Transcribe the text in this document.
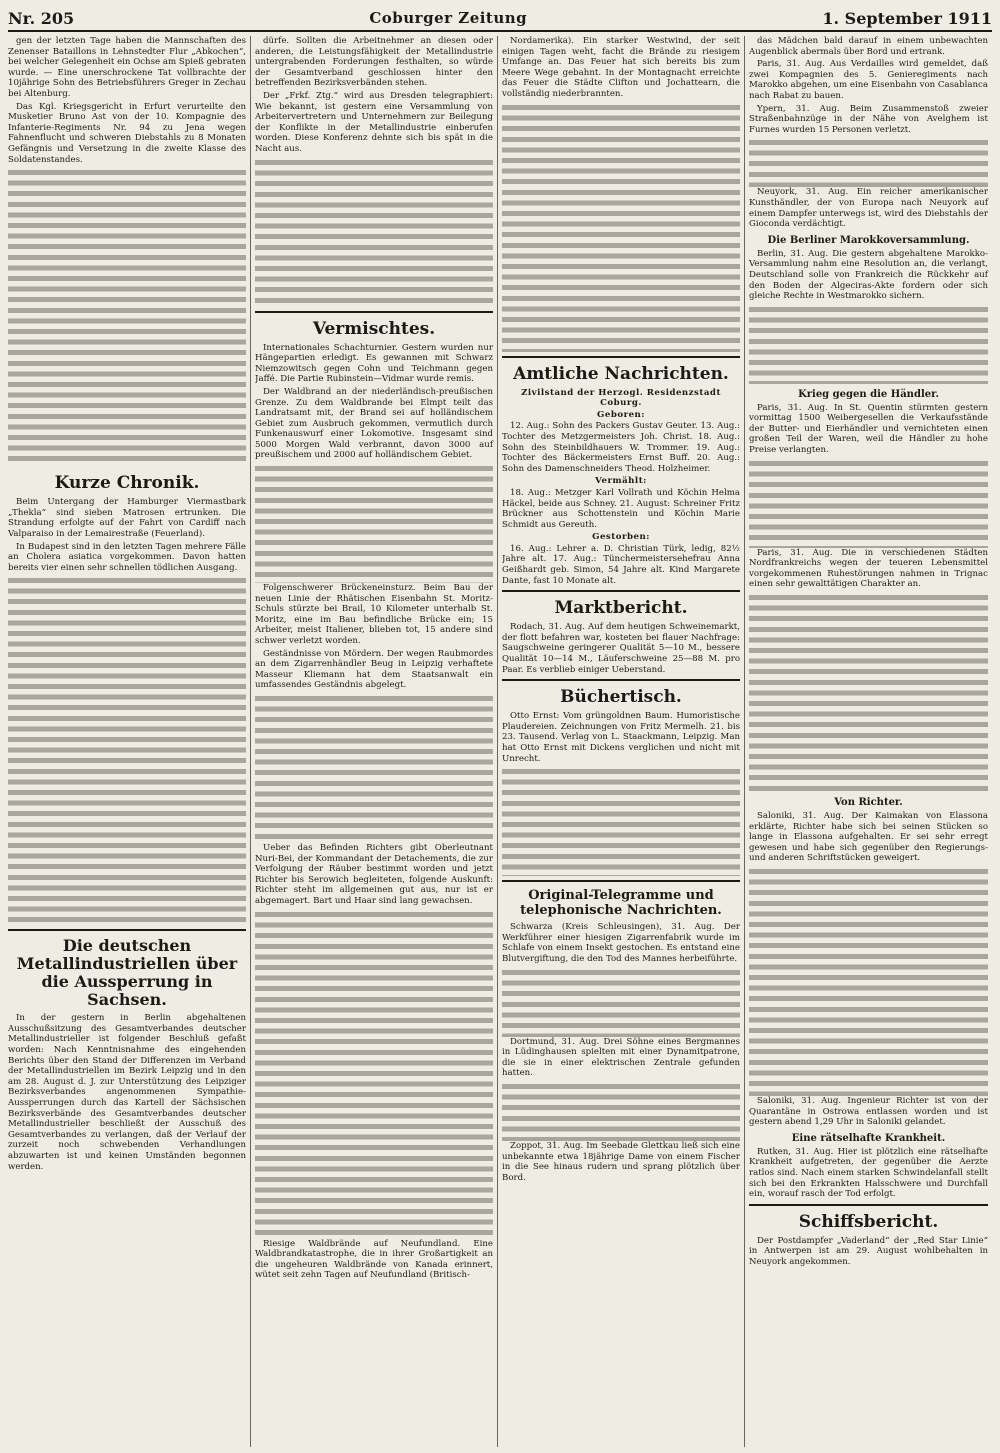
Nr. 205	Coburger Zeitung	1. September 1911

gen der letzten Tage haben die Mannschaften des Zenenser Bataillons in Lehnstedter Flur „Abkochen“, bei welcher Gelegenheit ein Ochse am Spieß gebraten wurde. — Eine unerschrockene Tat vollbrachte der 10jährige Sohn des Betriebsführers Greger in Zechau bei Altenburg.

Das Kgl. Kriegsgericht in Erfurt verurteilte den Musketier Bruno Ast von der 10. Kompagnie des Infanterie-Regiments Nr. 94 zu Jena wegen Fahnenflucht und schweren Diebstahls zu 8 Monaten Gefängnis und Versetzung in die zweite Klasse des Soldatenstandes.

Kurze Chronik.

Beim Untergang der Hamburger Viermastbark „Thekla“ sind sieben Matrosen ertrunken. Die Strandung erfolgte auf der Fahrt von Cardiff nach Valparaiso in der Lemairestraße (Feuerland).

In Budapest sind in den letzten Tagen mehrere Fälle an Cholera asiatica vorgekommen. Davon hatten bereits vier einen sehr schnellen tödlichen Ausgang.

Die deutschen Metallindustriellen über die Aussperrung in Sachsen.

In der gestern in Berlin abgehaltenen Ausschußsitzung des Gesamtverbandes deutscher Metallindustrieller ist folgender Beschluß gefaßt worden: Nach Kenntnisnahme des eingehenden Berichts über den Stand der Differenzen im Verband der Metallindustriellen im Bezirk Leipzig und in den am 28. August d. J. zur Unterstützung des Leipziger Bezirksverbandes angenommenen Sympathie-Aussperrungen durch das Kartell der Sächsischen Bezirksverbände des Gesamtverbandes deutscher Metallindustrieller beschließt der Ausschuß des Gesamtverbandes zu verlangen, daß der Verlauf der zurzeit noch schwebenden Verhandlungen abzuwarten ist und keinen Umständen begonnen werden.

dürfe. Sollten die Arbeitnehmer an diesen oder anderen, die Leistungsfähigkeit der Metallindustrie untergrabenden Forderungen festhalten, so würde der Gesamtverband geschlossen hinter den betreffenden Bezirksverbänden stehen.

Der „Frkf. Ztg.“ wird aus Dresden telegraphiert: Wie bekannt, ist gestern eine Versammlung von Arbeitervertretern und Unternehmern zur Beilegung der Konflikte in der Metallindustrie einberufen worden. Diese Konferenz dehnte sich bis spät in die Nacht aus.

Vermischtes.

Internationales Schachturnier. Gestern wurden nur Hängepartien erledigt. Es gewannen mit Schwarz Niemzowitsch gegen Cohn und Teichmann gegen Jaffé. Die Partie Rubinstein—Vidmar wurde remis.

Der Waldbrand an der niederländisch-preußischen Grenze. Zu dem Waldbrande bei Elmpt teilt das Landratsamt mit, der Brand sei auf holländischem Gebiet zum Ausbruch gekommen, vermutlich durch Funkenauswurf einer Lokomotive. Insgesamt sind 5000 Morgen Wald verbrannt, davon 3000 auf preußischem und 2000 auf holländischem Gebiet.

Folgenschwerer Brückeneinsturz. Beim Bau der neuen Linie der Rhätischen Eisenbahn St. Moritz-Schuls stürzte bei Brail, 10 Kilometer unterhalb St. Moritz, eine im Bau befindliche Brücke ein; 15 Arbeiter, meist Italiener, blieben tot, 15 andere sind schwer verletzt worden.

Geständnisse von Mördern. Der wegen Raubmordes an dem Zigarrenhändler Beug in Leipzig verhaftete Masseur Kliemann hat dem Staatsanwalt ein umfassendes Geständnis abgelegt.

Ueber das Befinden Richters gibt Oberleutnant Nuri-Bei, der Kommandant der Detachements, die zur Verfolgung der Räuber bestimmt worden und jetzt Richter bis Serowich begleiteten, folgende Auskunft: Richter steht im allgemeinen gut aus, nur ist er abgemagert. Bart und Haar sind lang gewachsen.

Riesige Waldbrände auf Neufundland. Eine Waldbrandkatastrophe, die in ihrer Großartigkeit an die ungeheuren Waldbrände von Kanada erinnert, wütet seit zehn Tagen auf Neufundland (Britisch-

Nordamerika). Ein starker Westwind, der seit einigen Tagen weht, facht die Brände zu riesigem Umfange an. Das Feuer hat sich bereits bis zum Meere Wege gebahnt. In der Montagnacht erreichte das Feuer die Städte Clifton und Jochattearn, die vollständig niederbrannten.

Amtliche Nachrichten.
Zivilstand der Herzogl. Residenzstadt Coburg.
Geboren:

12. Aug.: Sohn des Packers Gustav Geuter. 13. Aug.: Tochter des Metzgermeisters Joh. Christ. 18. Aug.: Sohn des Steinbildhauers W. Trommer. 19. Aug.: Tochter des Bäckermeisters Ernst Buff. 20. Aug.: Sohn des Damenschneiders Theod. Holzheimer.

Vermählt:

18. Aug.: Metzger Karl Vollrath und Köchin Helma Häckel, beide aus Schney. 21. August: Schreiner Fritz Brückner aus Schottenstein und Köchin Marie Schmidt aus Gereuth.

Gestorben:

16. Aug.: Lehrer a. D. Christian Türk, ledig, 82½ Jahre alt. 17. Aug.: Tünchermeistersehefrau Anna Geißhardt geb. Simon, 54 Jahre alt. Kind Margarete Dante, fast 10 Monate alt.

Marktbericht.

Rodach, 31. Aug. Auf dem heutigen Schweinemarkt, der flott befahren war, kosteten bei flauer Nachfrage: Saugschweine geringerer Qualität 5—10 M., bessere Qualität 10—14 M., Läuferschweine 25—88 M. pro Paar. Es verblieb einiger Ueberstand.

Büchertisch.

Otto Ernst: Vom grüngoldnen Baum. Humoristische Plaudereien. Zeichnungen von Fritz Mermelh. 21. bis 23. Tausend. Verlag von L. Staackmann, Leipzig. Man hat Otto Ernst mit Dickens verglichen und nicht mit Unrecht.

Original-Telegramme und telephonische Nachrichten.

Schwarza (Kreis Schleusingen), 31. Aug. Der Werkführer einer hiesigen Zigarrenfabrik wurde im Schlafe von einem Insekt gestochen. Es entstand eine Blutvergiftung, die den Tod des Mannes herbeiführte.

Dortmund, 31. Aug. Drei Söhne eines Bergmannes in Lüdinghausen spielten mit einer Dynamitpatrone, die sie in einer elektrischen Zentrale gefunden hatten.

Zoppot, 31. Aug. Im Seebade Glettkau ließ sich eine unbekannte etwa 18jährige Dame von einem Fischer in die See hinaus rudern und sprang plötzlich über Bord.

das Mädchen bald darauf in einem unbewachten Augenblick abermals über Bord und ertrank.

Paris, 31. Aug. Aus Verdailles wird gemeldet, daß zwei Kompagnien des 5. Genieregiments nach Marokko abgehen, um eine Eisenbahn von Casablanca nach Rabat zu bauen.

Ypern, 31. Aug. Beim Zusammenstoß zweier Straßenbahnzüge in der Nähe von Avelghem ist Furnes wurden 15 Personen verletzt.

Neuyork, 31. Aug. Ein reicher amerikanischer Kunsthändler, der von Europa nach Neuyork auf einem Dampfer unterwegs ist, wird des Diebstahls der Gioconda verdächtigt.

Die Berliner Marokkoversammlung.

Berlin, 31. Aug. Die gestern abgehaltene Marokko-Versammlung nahm eine Resolution an, die verlangt, Deutschland solle von Frankreich die Rückkehr auf den Boden der Algeciras-Akte fordern oder sich gleiche Rechte in Westmarokko sichern.

Krieg gegen die Händler.

Paris, 31. Aug. In St. Quentin stürmten gestern vormittag 1500 Weibergesellen die Verkaufsstände der Butter- und Eierhändler und vernichteten einen großen Teil der Waren, weil die Händler zu hohe Preise verlangten.

Paris, 31. Aug. Die in verschiedenen Städten Nordfrankreichs wegen der teueren Lebensmittel vorgekommenen Ruhestörungen nahmen in Trignac einen sehr gewalttätigen Charakter an.

Von Richter.

Saloniki, 31. Aug. Der Kaimakan von Elassona erklärte, Richter habe sich bei seinen Stücken so lange in Elassona aufgehalten. Er sei sehr erregt gewesen und habe sich gegenüber den Regierungs- und anderen Schriftstücken geweigert.

Saloniki, 31. Aug. Ingenieur Richter ist von der Quarantäne in Ostrowa entlassen worden und ist gestern abend 1,29 Uhr in Saloniki gelandet.

Eine rätselhafte Krankheit.

Rutken, 31. Aug. Hier ist plötzlich eine rätselhafte Krankheit aufgetreten, der gegenüber die Aerzte ratlos sind. Nach einem starken Schwindelanfall stellt sich bei den Erkrankten Halsschwere und Durchfall ein, worauf rasch der Tod erfolgt.

Schiffsbericht.

Der Postdampfer „Vaderland“ der „Red Star Linie“ in Antwerpen ist am 29. August wohlbehalten in Neuyork angekommen.
